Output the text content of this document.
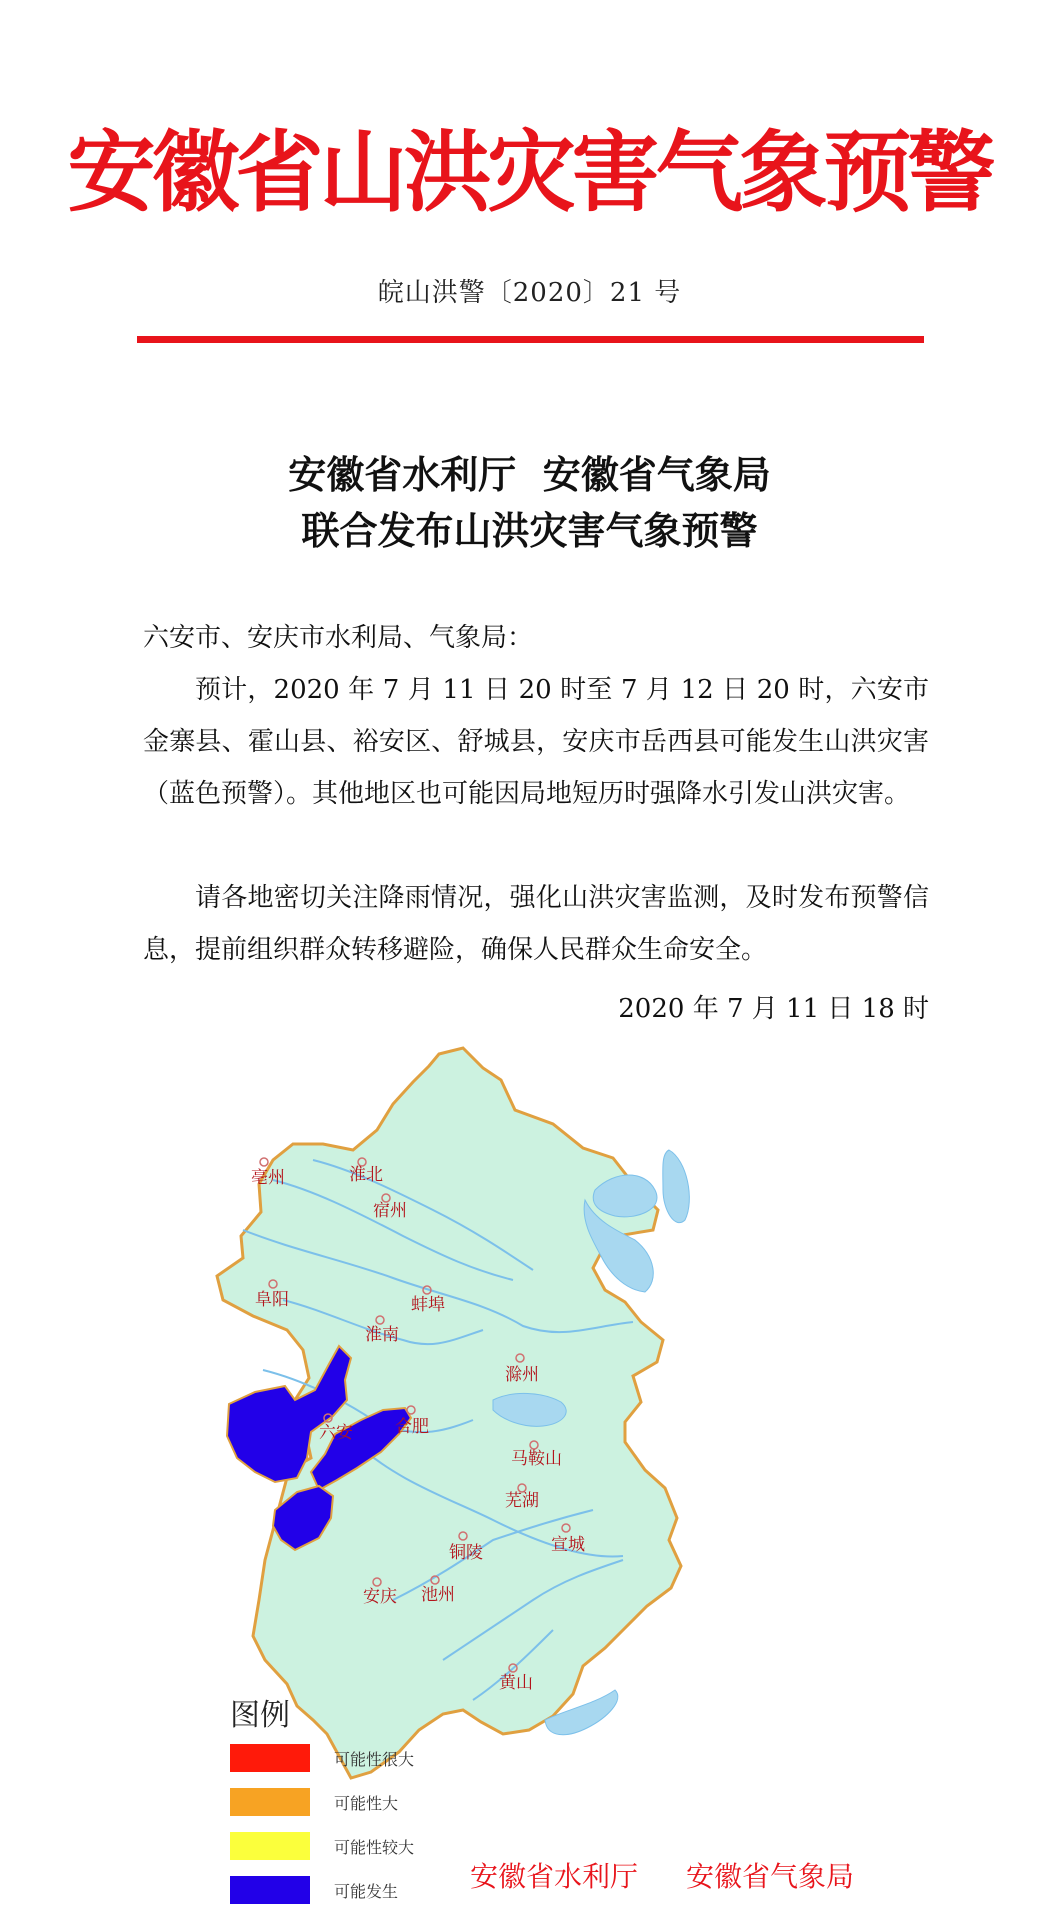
安徽省山洪灾害气象预警
皖山洪警〔2020〕21 号
安徽省水利厅  安徽省气象局
联合发布山洪灾害气象预警
六安市、安庆市水利局、气象局：

预计，2020 年 7 月 11 日 20 时至 7 月 12 日 20 时，六安市金寨县、霍山县、裕安区、舒城县，安庆市岳西县可能发生山洪灾害（蓝色预警）。其他地区也可能因局地短历时强降水引发山洪灾害。

请各地密切关注降雨情况，强化山洪灾害监测，及时发布预警信息，提前组织群众转移避险，确保人民群众生命安全。

2020 年 7 月 11 日 18 时
亳州	淮北
宿州
阜阳	蚌埠
淮南
滁州
合肥
六安
马鞍山
芜湖
铜陵	宣城
池州
安庆
黄山
图例
可能性很大
可能性大
可能性较大
可能发生	安徽省水利厅 安徽省气象局
